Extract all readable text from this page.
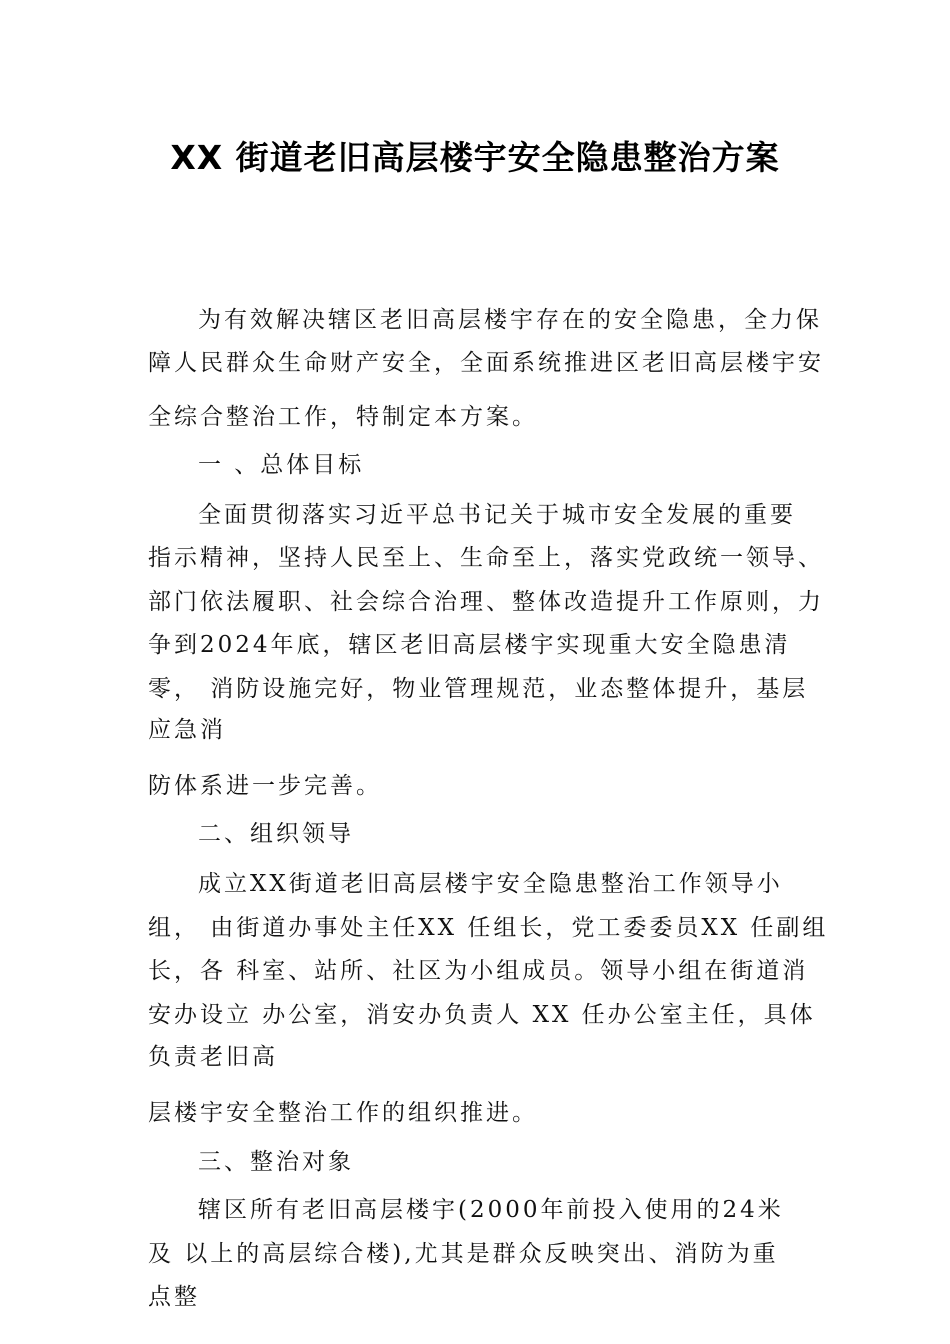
XX 街道老旧高层楼宇安全隐患整治方案
为有效解决辖区老旧高层楼宇存在的安全隐患，全力保
障人民群众生命财产安全，全面系统推进区老旧高层楼宇安
全综合整治工作，特制定本方案。
一 、总体目标
全面贯彻落实习近平总书记关于城市安全发展的重要
指示精神，坚持人民至上、生命至上，落实党政统一领导、
部门依法履职、社会综合治理、整体改造提升工作原则，力
争到2024年底，辖区老旧高层楼宇实现重大安全隐患清
零， 消防设施完好，物业管理规范，业态整体提升，基层
应急消
防体系进一步完善。
二、组织领导
成立XX街道老旧高层楼宇安全隐患整治工作领导小
组， 由街道办事处主任XX 任组长，党工委委员XX 任副组
长，各 科室、站所、社区为小组成员。领导小组在街道消
安办设立 办公室，消安办负责人 XX 任办公室主任，具体
负责老旧高
层楼宇安全整治工作的组织推进。
三、整治对象
辖区所有老旧高层楼宇(2000年前投入使用的24米
及 以上的高层综合楼),尤其是群众反映突出、消防为重
点整
